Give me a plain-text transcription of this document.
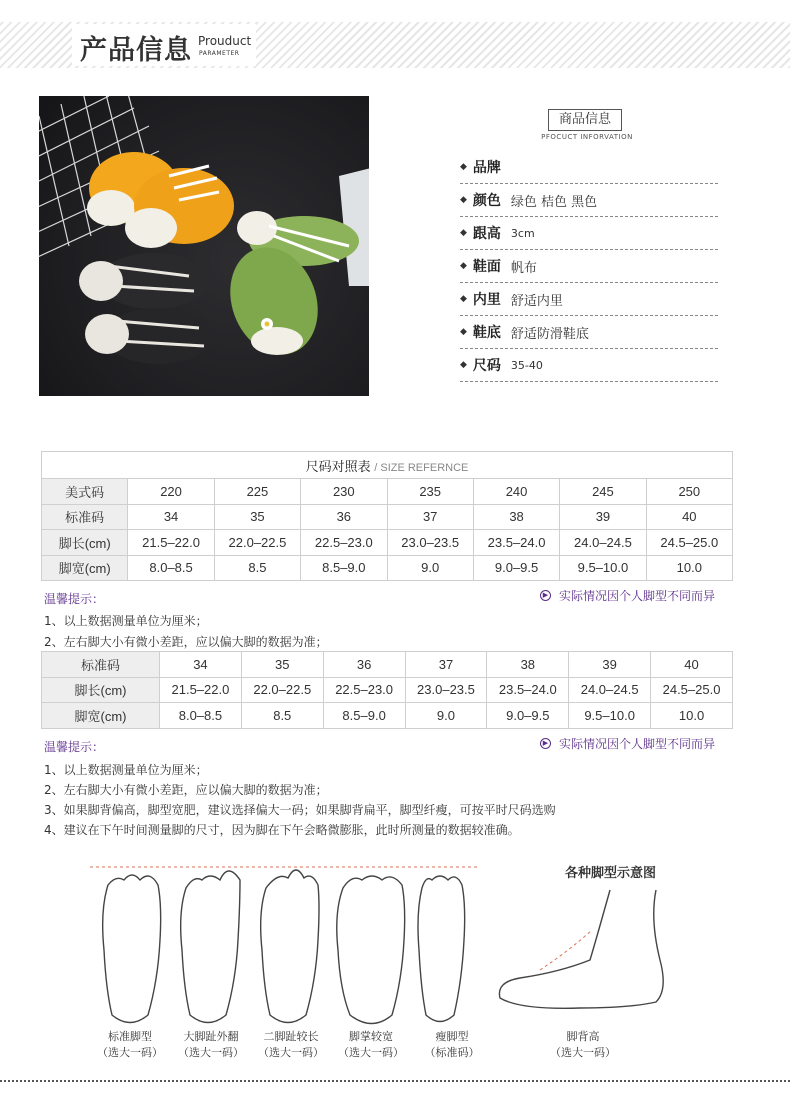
产品信息 Prouduct
PARAMETER
商品信息
PFOCUCT INFORVATION
◆ 品牌
◆ 颜色 绿色 桔色 黑色
◆ 跟高 3cm
◆ 鞋面 帆布
◆ 内里 舒适内里
◆ 鞋底 舒适防滑鞋底
◆ 尺码 35-40
尺码对照表 / SIZE REFERNCE							
美式码	220	225	230	235	240	245	250
标准码	34	35	36	37	38	39	40
脚长(cm)	21.5–22.0	22.0–22.5	22.5–23.0	23.0–23.5	23.5–24.0	24.0–24.5	24.5–25.0
脚宽(cm)	8.0–8.5	8.5	8.5–9.0	9.0	9.0–9.5	9.5–10.0	10.0
温馨提示：	▶ 实际情况因个人脚型不同而异
1、以上数据测量单位为厘米；
2、左右脚大小有微小差距，应以偏大脚的数据为准；
标准码	34	35	36	37	38	39	40
脚长(cm)	21.5–22.0	22.0–22.5	22.5–23.0	23.0–23.5	23.5–24.0	24.0–24.5	24.5–25.0
脚宽(cm)	8.0–8.5	8.5	8.5–9.0	9.0	9.0–9.5	9.5–10.0	10.0
温馨提示：	▶ 实际情况因个人脚型不同而异
1、以上数据测量单位为厘米；
2、左右脚大小有微小差距，应以偏大脚的数据为准；
3、如果脚背偏高，脚型宽肥，建议选择偏大一码；如果脚背扁平，脚型纤瘦，可按平时尺码选购
4、建议在下午时间测量脚的尺寸，因为脚在下午会略微膨胀，此时所测量的数据较准确。
各种脚型示意图
标准脚型
（选大一码）
大脚趾外翻
（选大一码）
二脚趾较长
（选大一码）
脚掌较宽
（选大一码）
瘦脚型
（标准码）
脚背高
（选大一码）
